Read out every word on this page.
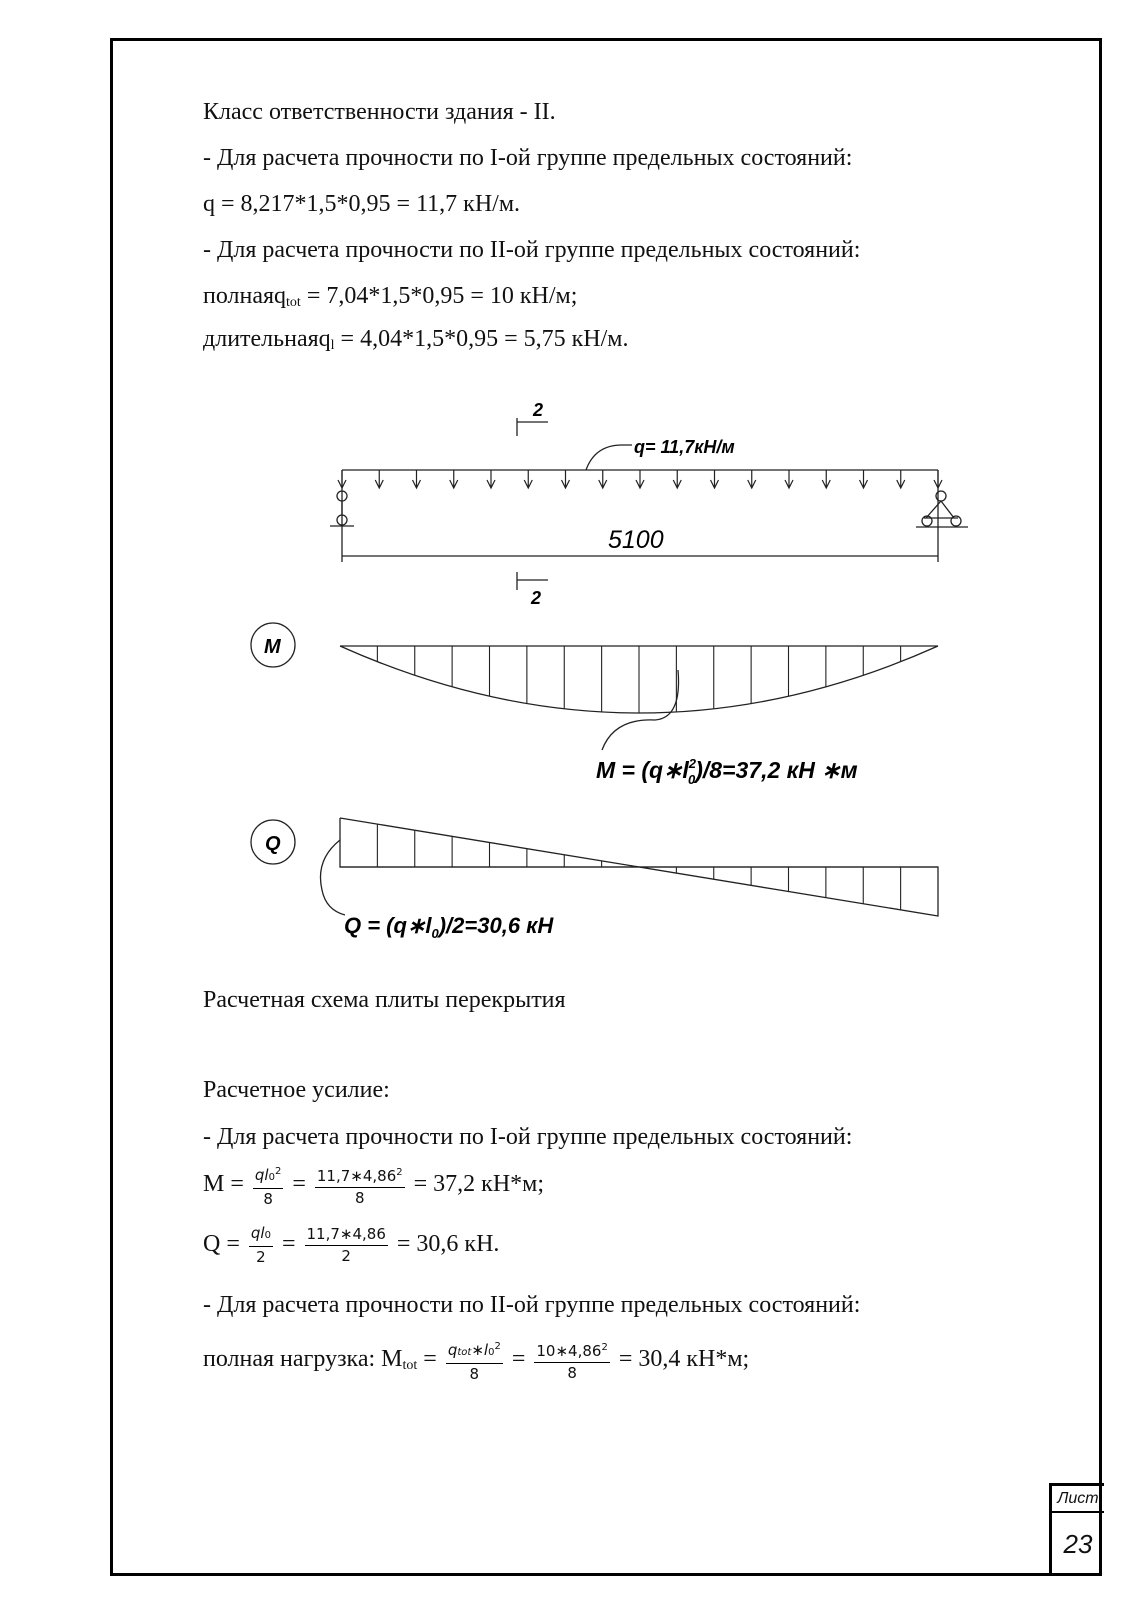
Класс ответственности здания - II.
- Для расчета прочности по I-ой группе предельных состояний:
q = 8,217*1,5*0,95 = 11,7 кН/м.
- Для расчета прочности по II-ой группе предельных состояний:
полнаяq$_{tot}$ = 7,04*1,5*0,95 = 10 кН/м;
длительнаяq$_l$ = 4,04*1,5*0,95 = 5,75 кН/м.
2
2
q= 11,7кН/м
5100
M
Q
$M = (q∗l^2$ 0)/8=37,2 кН ∗м
$Q = (q∗l_0)/2=30,6$ кН
Расчетная схема плиты перекрытия
Расчетное усилие:
- Для расчета прочности по I-ой группе предельных состояний:
$M = \frac{ql0^2}{8} = \frac{11,7∗4,86^2}{8} = 37,2$ кН*м;
$Q = \frac{ql0}{2} = \frac{11,7∗4,86}{2} = 30,6$ кН.
- Для расчета прочности по II-ой группе предельных состояний:
полная нагрузка: $M_{tot} = \frac{qtot∗l0^2}{8} = \frac{10∗4,86^2}{8} = 30,4$ кН*м;
Лист
23
